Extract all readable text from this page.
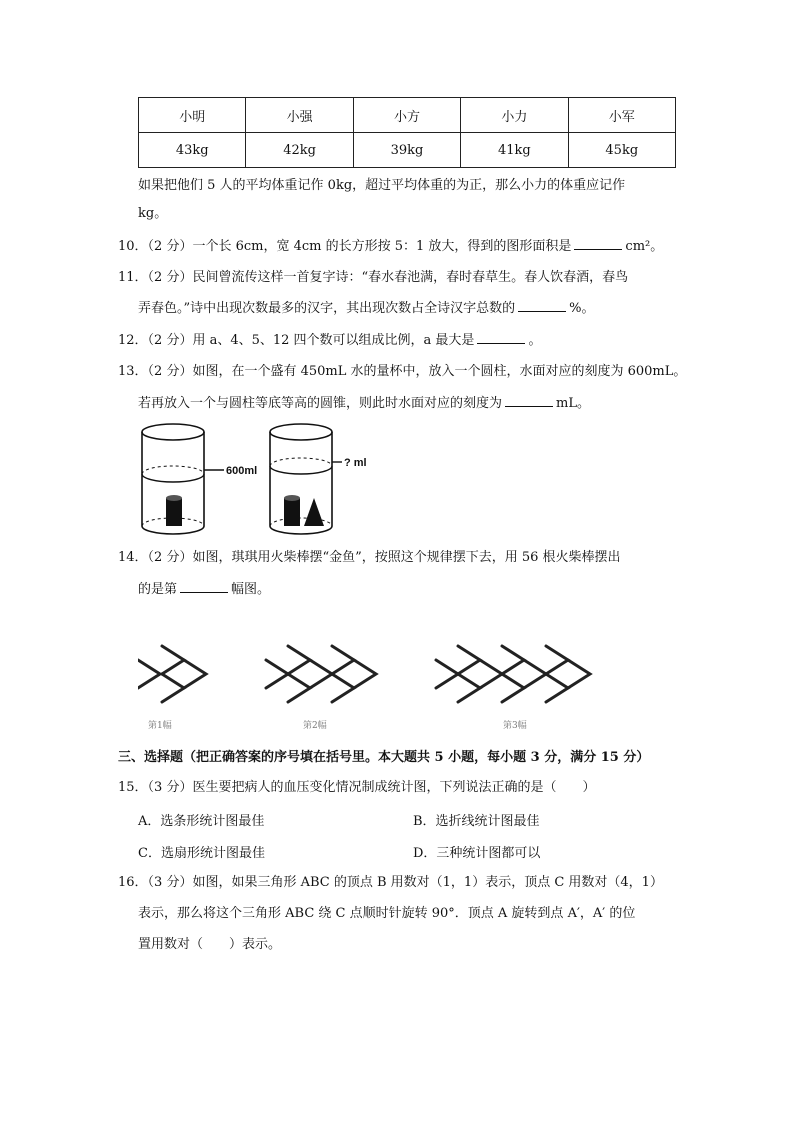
小明	小强	小方	小力	小军
43kg	42kg	39kg	41kg	45kg
如果把他们 5 人的平均体重记作 0kg，超过平均体重的为正，那么小力的体重应记作
kg。
10．（2 分）一个长 6cm，宽 4cm 的长方形按 5：1 放大，得到的图形面积是	cm²。
11．（2 分）民间曾流传这样一首复字诗：“春水春池满，春时春草生。春人饮春酒，春鸟
弄春色。”诗中出现次数最多的汉字，其出现次数占全诗汉字总数的	%。
12．（2 分）用 a、4、5、12 四个数可以组成比例，a 最大是	。
13．（2 分）如图，在一个盛有 450mL 水的量杯中，放入一个圆柱，水面对应的刻度为 600mL。
若再放入一个与圆柱等底等高的圆锥，则此时水面对应的刻度为	mL。
600ml
? ml
14．（2 分）如图，琪琪用火柴棒摆“金鱼”，按照这个规律摆下去，用 56 根火柴棒摆出
的是第	幅图。
第1幅	第2幅	第3幅
三、选择题（把正确答案的序号填在括号里。本大题共 5 小题，每小题 3 分，满分 15 分）
15．（3 分）医生要把病人的血压变化情况制成统计图，下列说法正确的是（　　）
A．选条形统计图最佳	B．选折线统计图最佳
C．选扇形统计图最佳	D．三种统计图都可以
16．（3 分）如图，如果三角形 ABC 的顶点 B 用数对（1，1）表示，顶点 C 用数对（4，1）
表示，那么将这个三角形 ABC 绕 C 点顺时针旋转 90°．顶点 A 旋转到点 A′，A′ 的位
置用数对（　　）表示。
